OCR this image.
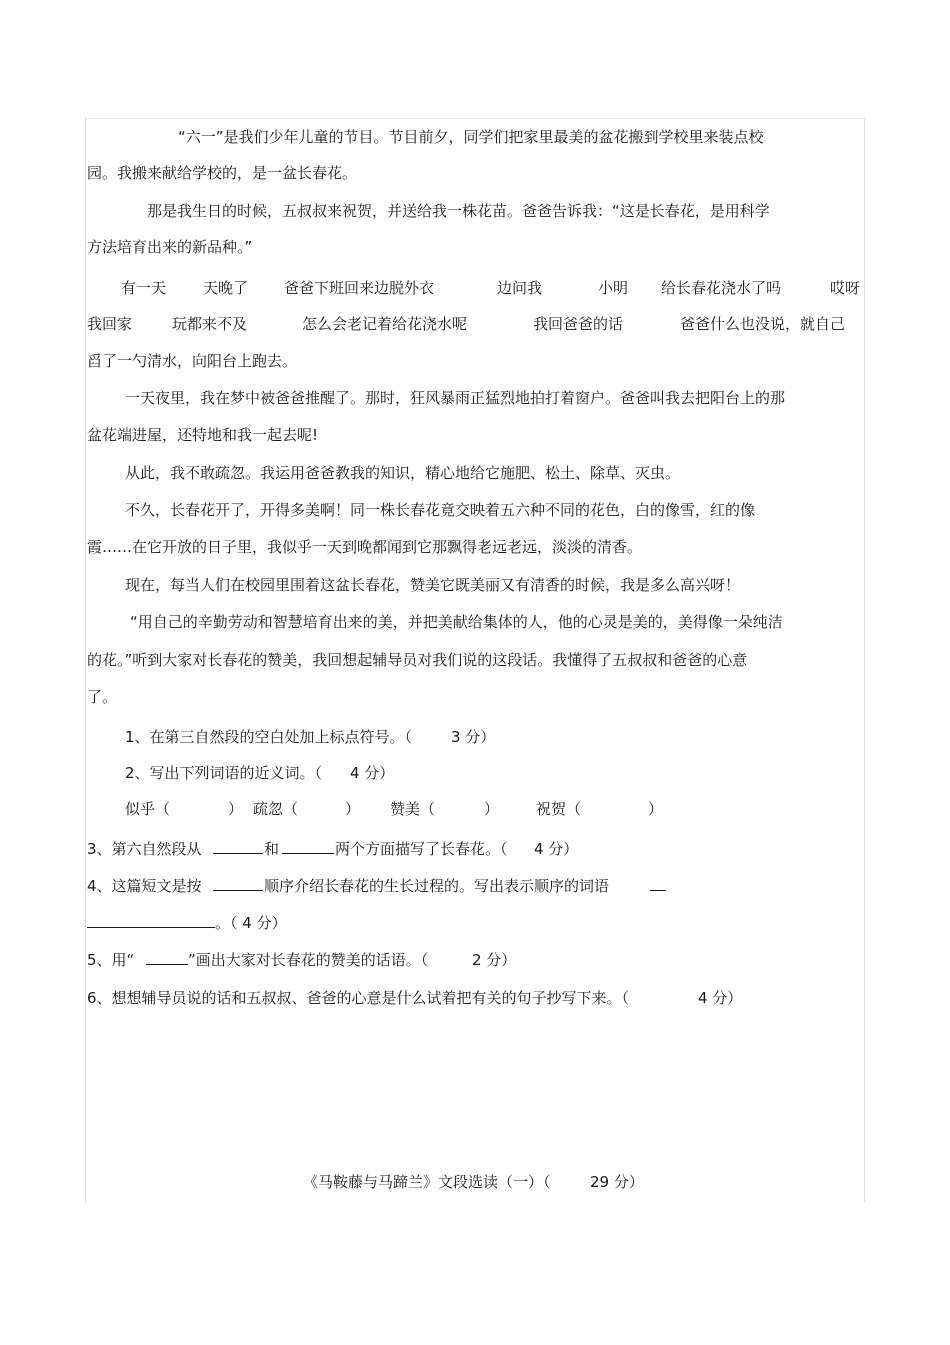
“六一”是我们少年儿童的节目。节目前夕，同学们把家里最美的盆花搬到学校里来装点校
园。我搬来献给学校的，是一盆长春花。
那是我生日的时候，五叔叔来祝贺，并送给我一株花苗。爸爸告诉我：“这是长春花，是用科学
方法培育出来的新品种。”
有一天 天晚了 爸爸下班回来边脱外衣	边问我	小明 给长春花浇水了吗	哎呀
我回家	玩都来不及	怎么会老记着给花浇水呢	我回爸爸的话	爸爸什么也没说，就自己
舀了一勺清水，向阳台上跑去。
一天夜里，我在梦中被爸爸推醒了。那时，狂风暴雨正猛烈地拍打着窗户。爸爸叫我去把阳台上的那
盆花端进屋，还特地和我一起去呢!
从此，我不敢疏忽。我运用爸爸教我的知识，精心地给它施肥、松土、除草、灭虫。
不久，长春花开了，开得多美啊！同一株长春花竟交映着五六种不同的花色，白的像雪，红的像
霞……在它开放的日子里，我似乎一天到晚都闻到它那飘得老远老远，淡淡的清香。
现在，每当人们在校园里围着这盆长春花，赞美它既美丽又有清香的时候，我是多么高兴呀！
“用自己的辛勤劳动和智慧培育出来的美，并把美献给集体的人，他的心灵是美的，美得像一朵纯洁
的花。”听到大家对长春花的赞美，我回想起辅导员对我们说的这段话。我懂得了五叔叔和爸爸的心意
了。
1、在第三自然段的空白处加上标点符号。（	3 分）
2、写出下列词语的近义词。（ 4 分）
似乎（	） 疏忽（	） 赞美（	） 祝贺（	）
3、第六自然段从	和	两个方面描写了长春花。（ 4 分）
4、这篇短文是按	顺序介绍长春花的生长过程的。写出表示顺序的词语
。（ 4 分）
5、用“	”画出大家对长春花的赞美的话语。（	2 分）
6、想想辅导员说的话和五叔叔、爸爸的心意是什么试着把有关的句子抄写下来。（	4 分）
《马鞍藤与马蹄兰》文段选读（一）（	29 分）
